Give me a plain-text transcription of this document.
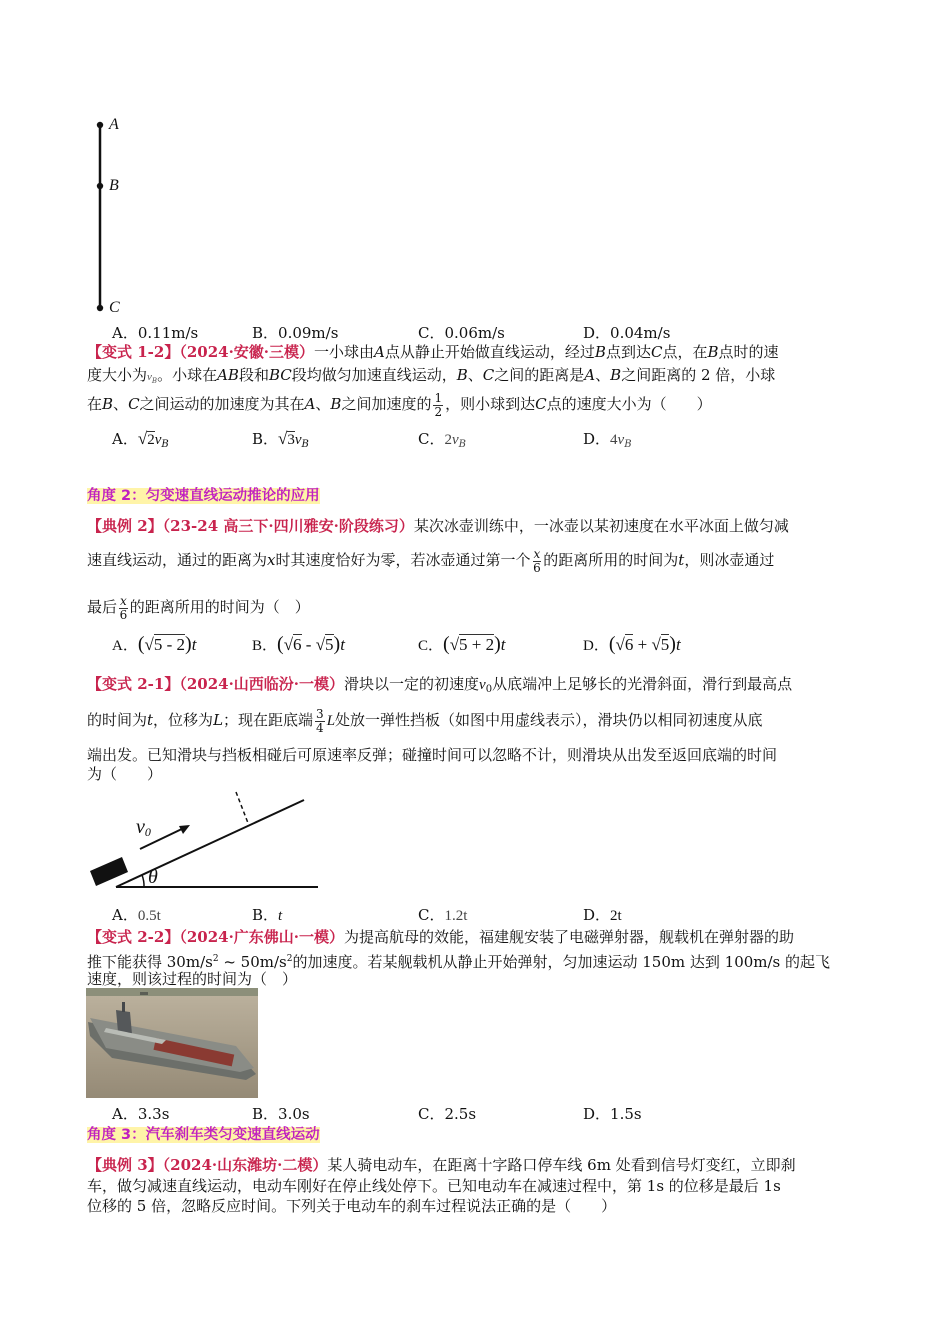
A
B
C
A．0.11m/s	B．0.09m/s	C．0.06m/s	D．0.04m/s
【变式 1-2】（2024·安徽·三模）一小球由A点从静止开始做直线运动，经过B点到达C点，在B点时的速
度大小为$v_B$。小球在AB段和BC段均做匀加速直线运动，B、C之间的距离是A、B之间距离的 2 倍，小球
在B、C之间运动的加速度为其在A、B之间加速度的 $\frac{1}{2}$ ，则小球到达C点的速度大小为（　　）
A．$√2v_B$	B．$√3v_B$	C．$2v_B$	D．$4v_B$
角度 2：匀变速直线运动推论的应用
【典例 2】（23-24 高三下·四川雅安·阶段练习）某次冰壶训练中，一冰壶以某初速度在水平冰面上做匀减
速直线运动，通过的距离为x时其速度恰好为零，若冰壶通过第一个 $\frac{x}{6}$ 的距离所用的时间为t，则冰壶通过
最后 $\frac{x}{6}$ 的距离所用的时间为（　）
A．(√5 - 2)t	B．(√6 - √5)t	C．(√5 + 2)t	D．(√6 + √5)t
【变式 2-1】（2024·山西临汾·一模）滑块以一定的初速度$v_0$从底端冲上足够长的光滑斜面，滑行到最高点
的时间为t，位移为L；现在距底端 $\frac{3}{4}$ L处放一弹性挡板（如图中用虚线表示），滑块仍以相同初速度从底
端出发。已知滑块与挡板相碰后可原速率反弹；碰撞时间可以忽略不计，则滑块从出发至返回底端的时间
为（　　）
$v_0$
θ
A．0.5t	B．t	C．1.2t	D．2t
【变式 2-2】（2024·广东佛山·一模）为提高航母的效能，福建舰安装了电磁弹射器，舰载机在弹射器的助
推下能获得 $30m/s^2$ ~ $50m/s^2$的加速度。若某舰载机从静止开始弹射，匀加速运动 150m 达到 100m/s 的起飞
速度，则该过程的时间为（　）
A．3.3s	B．3.0s	C．2.5s	D．1.5s
角度 3：汽车刹车类匀变速直线运动
【典例 3】（2024·山东潍坊·二模）某人骑电动车，在距离十字路口停车线 6m 处看到信号灯变红，立即刹
车，做匀减速直线运动，电动车刚好在停止线处停下。已知电动车在减速过程中，第 1s 的位移是最后 1s
位移的 5 倍，忽略反应时间。下列关于电动车的刹车过程说法正确的是（　　）
